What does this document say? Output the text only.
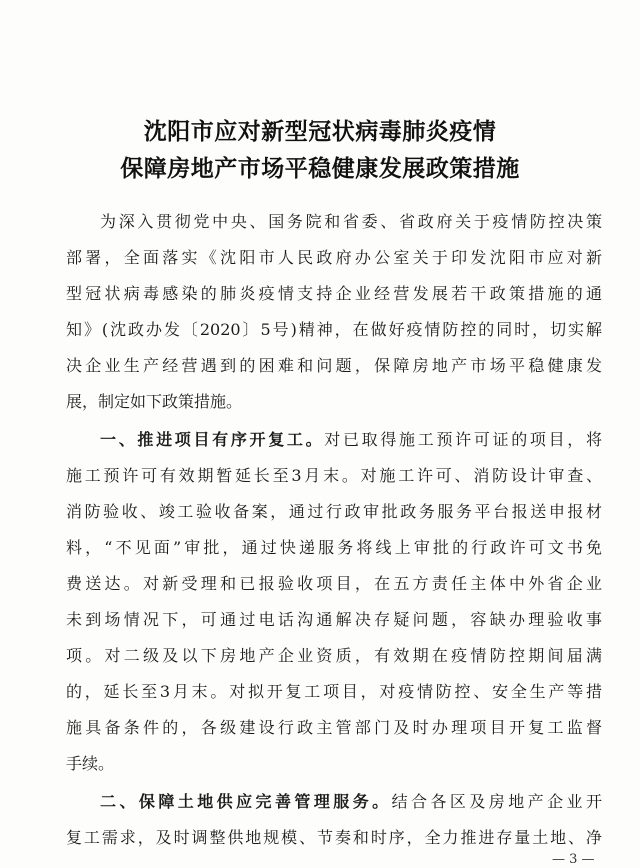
沈阳市应对新型冠状病毒肺炎疫情
保障房地产市场平稳健康发展政策措施
为深入贯彻党中央、国务院和省委、省政府关于疫情防控决策
部署，全面落实《沈阳市人民政府办公室关于印发沈阳市应对新
型冠状病毒感染的肺炎疫情支持企业经营发展若干政策措施的通
知》(沈政办发〔2020〕5号)精神，在做好疫情防控的同时，切实解
决企业生产经营遇到的困难和问题，保障房地产市场平稳健康发
展，制定如下政策措施。
一、推进项目有序开复工。对已取得施工预许可证的项目，将
施工预许可有效期暂延长至3月末。对施工许可、消防设计审查、
消防验收、竣工验收备案，通过行政审批政务服务平台报送申报材
料，“不见面”审批，通过快递服务将线上审批的行政许可文书免
费送达。对新受理和已报验收项目，在五方责任主体中外省企业
未到场情况下，可通过电话沟通解决存疑问题，容缺办理验收事
项。对二级及以下房地产企业资质，有效期在疫情防控期间届满
的，延长至3月末。对拟开复工项目，对疫情防控、安全生产等措
施具备条件的，各级建设行政主管部门及时办理项目开复工监督
手续。
二、保障土地供应完善管理服务。结合各区及房地产企业开
复工需求，及时调整供地规模、节奏和时序，全力推进存量土地、净
— 3 —
